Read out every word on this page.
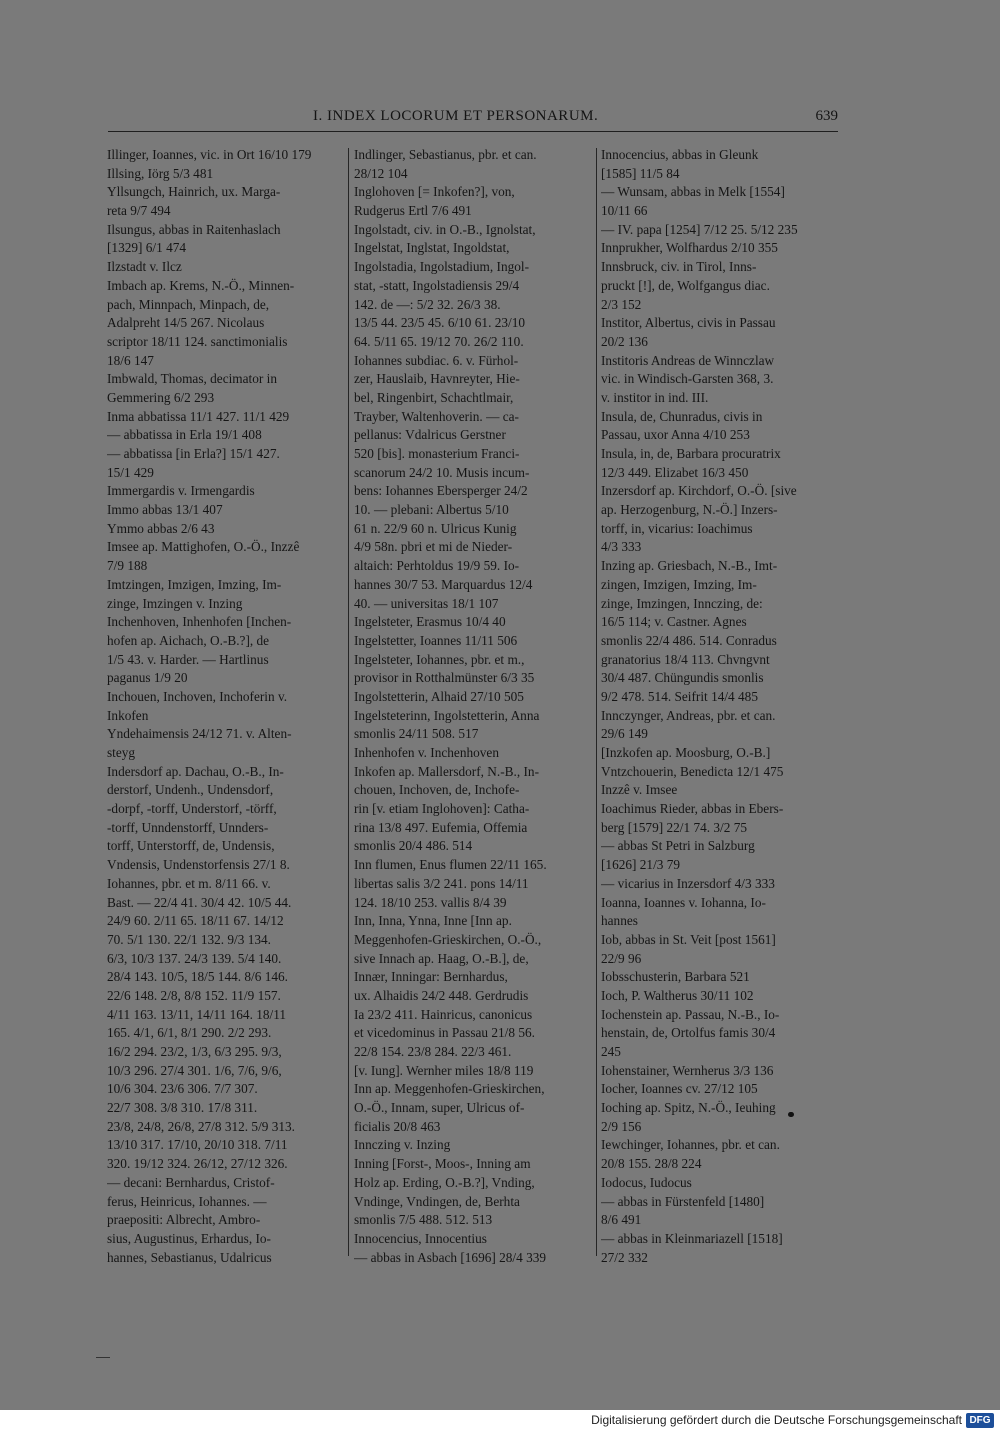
I. INDEX LOCORUM ET PERSONARUM.	639
Illinger, Ioannes, vic. in Ort 16/10 179
Illsing, Iörg 5/3 481
Yllsungch, Hainrich, ux. Marga-
reta 9/7 494
Ilsungus, abbas in Raitenhaslach
[1329] 6/1 474
Ilzstadt v. Ilcz
Imbach ap. Krems, N.-Ö., Minnen-
pach, Minnpach, Minpach, de,
Adalpreht 14/5 267. Nicolaus
scriptor 18/11 124. sanctimonialis
18/6 147
Imbwald, Thomas, decimator in
Gemmering 6/2 293
Inma abbatissa 11/1 427. 11/1 429
— abbatissa in Erla 19/1 408
— abbatissa [in Erla?] 15/1 427.
15/1 429
Immergardis v. Irmengardis
Immo abbas 13/1 407
Ymmo abbas 2/6 43
Imsee ap. Mattighofen, O.-Ö., Inzzê
7/9 188
Imtzingen, Imzigen, Imzing, Im-
zinge, Imzingen v. Inzing
Inchenhoven, Inhenhofen [Inchen-
hofen ap. Aichach, O.-B.?], de
1/5 43. v. Harder. — Hartlinus
paganus 1/9 20
Inchouen, Inchoven, Inchoferin v.
Inkofen
Yndehaimensis 24/12 71. v. Alten-
steyg
Indersdorf ap. Dachau, O.-B., In-
derstorf, Undenh., Undensdorf,
-dorpf, -torff, Understorf, -törff,
-torff, Unndenstorff, Unnders-
torff, Unterstorff, de, Undensis,
Vndensis, Undenstorfensis 27/1 8.
Iohannes, pbr. et m. 8/11 66. v.
Bast. — 22/4 41. 30/4 42. 10/5 44.
24/9 60. 2/11 65. 18/11 67. 14/12
70. 5/1 130. 22/1 132. 9/3 134.
6/3, 10/3 137. 24/3 139. 5/4 140.
28/4 143. 10/5, 18/5 144. 8/6 146.
22/6 148. 2/8, 8/8 152. 11/9 157.
4/11 163. 13/11, 14/11 164. 18/11
165. 4/1, 6/1, 8/1 290. 2/2 293.
16/2 294. 23/2, 1/3, 6/3 295. 9/3,
10/3 296. 27/4 301. 1/6, 7/6, 9/6,
10/6 304. 23/6 306. 7/7 307.
22/7 308. 3/8 310. 17/8 311.
23/8, 24/8, 26/8, 27/8 312. 5/9 313.
13/10 317. 17/10, 20/10 318. 7/11
320. 19/12 324. 26/12, 27/12 326.
— decani: Bernhardus, Cristof-
ferus, Heinricus, Iohannes. —
praepositi: Albrecht, Ambro-
sius, Augustinus, Erhardus, Io-
hannes, Sebastianus, Udalricus
Indlinger, Sebastianus, pbr. et can.
28/12 104
Inglohoven [= Inkofen?], von,
Rudgerus Ertl 7/6 491
Ingolstadt, civ. in O.-B., Ignolstat,
Ingelstat, Inglstat, Ingoldstat,
Ingolstadia, Ingolstadium, Ingol-
stat, -statt, Ingolstadiensis 29/4
142. de —: 5/2 32. 26/3 38.
13/5 44. 23/5 45. 6/10 61. 23/10
64. 5/11 65. 19/12 70. 26/2 110.
Iohannes subdiac. 6. v. Fürhol-
zer, Hauslaib, Havnreyter, Hie-
bel, Ringenbirt, Schachtlmair,
Trayber, Waltenhoverin. — ca-
pellanus: Vdalricus Gerstner
520 [bis]. monasterium Franci-
scanorum 24/2 10. Musis incum-
bens: Iohannes Ebersperger 24/2
10. — plebani: Albertus 5/10
61 n. 22/9 60 n. Ulricus Kunig
4/9 58n. pbri et mi de Nieder-
altaich: Perhtoldus 19/9 59. Io-
hannes 30/7 53. Marquardus 12/4
40. — universitas 18/1 107
Ingelsteter, Erasmus 10/4 40
Ingelstetter, Ioannes 11/11 506
Ingelsteter, Iohannes, pbr. et m.,
provisor in Rotthalmünster 6/3 35
Ingolstetterin, Alhaid 27/10 505
Ingelsteterinn, Ingolstetterin, Anna
smonlis 24/11 508. 517
Inhenhofen v. Inchenhoven
Inkofen ap. Mallersdorf, N.-B., In-
chouen, Inchoven, de, Inchofe-
rin [v. etiam Inglohoven]: Catha-
rina 13/8 497. Eufemia, Offemia
smonlis 20/4 486. 514
Inn flumen, Enus flumen 22/11 165.
libertas salis 3/2 241. pons 14/11
124. 18/10 253. vallis 8/4 39
Inn, Inna, Ynna, Inne [Inn ap.
Meggenhofen-Grieskirchen, O.-Ö.,
sive Innach ap. Haag, O.-B.], de,
Innær, Inningar: Bernhardus,
ux. Alhaidis 24/2 448. Gerdrudis
Ia 23/2 411. Hainricus, canonicus
et vicedominus in Passau 21/8 56.
22/8 154. 23/8 284. 22/3 461.
[v. Iung]. Wernher miles 18/8 119
Inn ap. Meggenhofen-Grieskirchen,
O.-Ö., Innam, super, Ulricus of-
ficialis 20/8 463
Innczing v. Inzing
Inning [Forst-, Moos-, Inning am
Holz ap. Erding, O.-B.?], Vnding,
Vndinge, Vndingen, de, Berhta
smonlis 7/5 488. 512. 513
Innocencius, Innocentius
— abbas in Asbach [1696] 28/4 339
Innocencius, abbas in Gleunk
[1585] 11/5 84
— Wunsam, abbas in Melk [1554]
10/11 66
— IV. papa [1254] 7/12 25. 5/12 235
Innprukher, Wolfhardus 2/10 355
Innsbruck, civ. in Tirol, Inns-
pruckt [!], de, Wolfgangus diac.
2/3 152
Institor, Albertus, civis in Passau
20/2 136
Institoris Andreas de Winnczlaw
vic. in Windisch-Garsten 368, 3.
v. institor in ind. III.
Insula, de, Chunradus, civis in
Passau, uxor Anna 4/10 253
Insula, in, de, Barbara procuratrix
12/3 449. Elizabet 16/3 450
Inzersdorf ap. Kirchdorf, O.-Ö. [sive
ap. Herzogenburg, N.-Ö.] Inzers-
torff, in, vicarius: Ioachimus
4/3 333
Inzing ap. Griesbach, N.-B., Imt-
zingen, Imzigen, Imzing, Im-
zinge, Imzingen, Innczing, de:
16/5 114; v. Castner. Agnes
smonlis 22/4 486. 514. Conradus
granatorius 18/4 113. Chvngvnt
30/4 487. Chüngundis smonlis
9/2 478. 514. Seifrit 14/4 485
Innczynger, Andreas, pbr. et can.
29/6 149
[Inzkofen ap. Moosburg, O.-B.]
Vntzchouerin, Benedicta 12/1 475
Inzzê v. Imsee
Ioachimus Rieder, abbas in Ebers-
berg [1579] 22/1 74. 3/2 75
— abbas St Petri in Salzburg
[1626] 21/3 79
— vicarius in Inzersdorf 4/3 333
Ioanna, Ioannes v. Iohanna, Io-
hannes
Iob, abbas in St. Veit [post 1561]
22/9 96
Iobsschusterin, Barbara 521
Ioch, P. Waltherus 30/11 102
Iochenstein ap. Passau, N.-B., Io-
henstain, de, Ortolfus famis 30/4
245
Iohenstainer, Wernherus 3/3 136
Iocher, Ioannes cv. 27/12 105
Ioching ap. Spitz, N.-Ö., Ieuhing
2/9 156
Iewchinger, Iohannes, pbr. et can.
20/8 155. 28/8 224
Iodocus, Iudocus
— abbas in Fürstenfeld [1480]
8/6 491
— abbas in Kleinmariazell [1518]
27/2 332
Digitalisierung gefördert durch die Deutsche Forschungsgemeinschaft DFG
